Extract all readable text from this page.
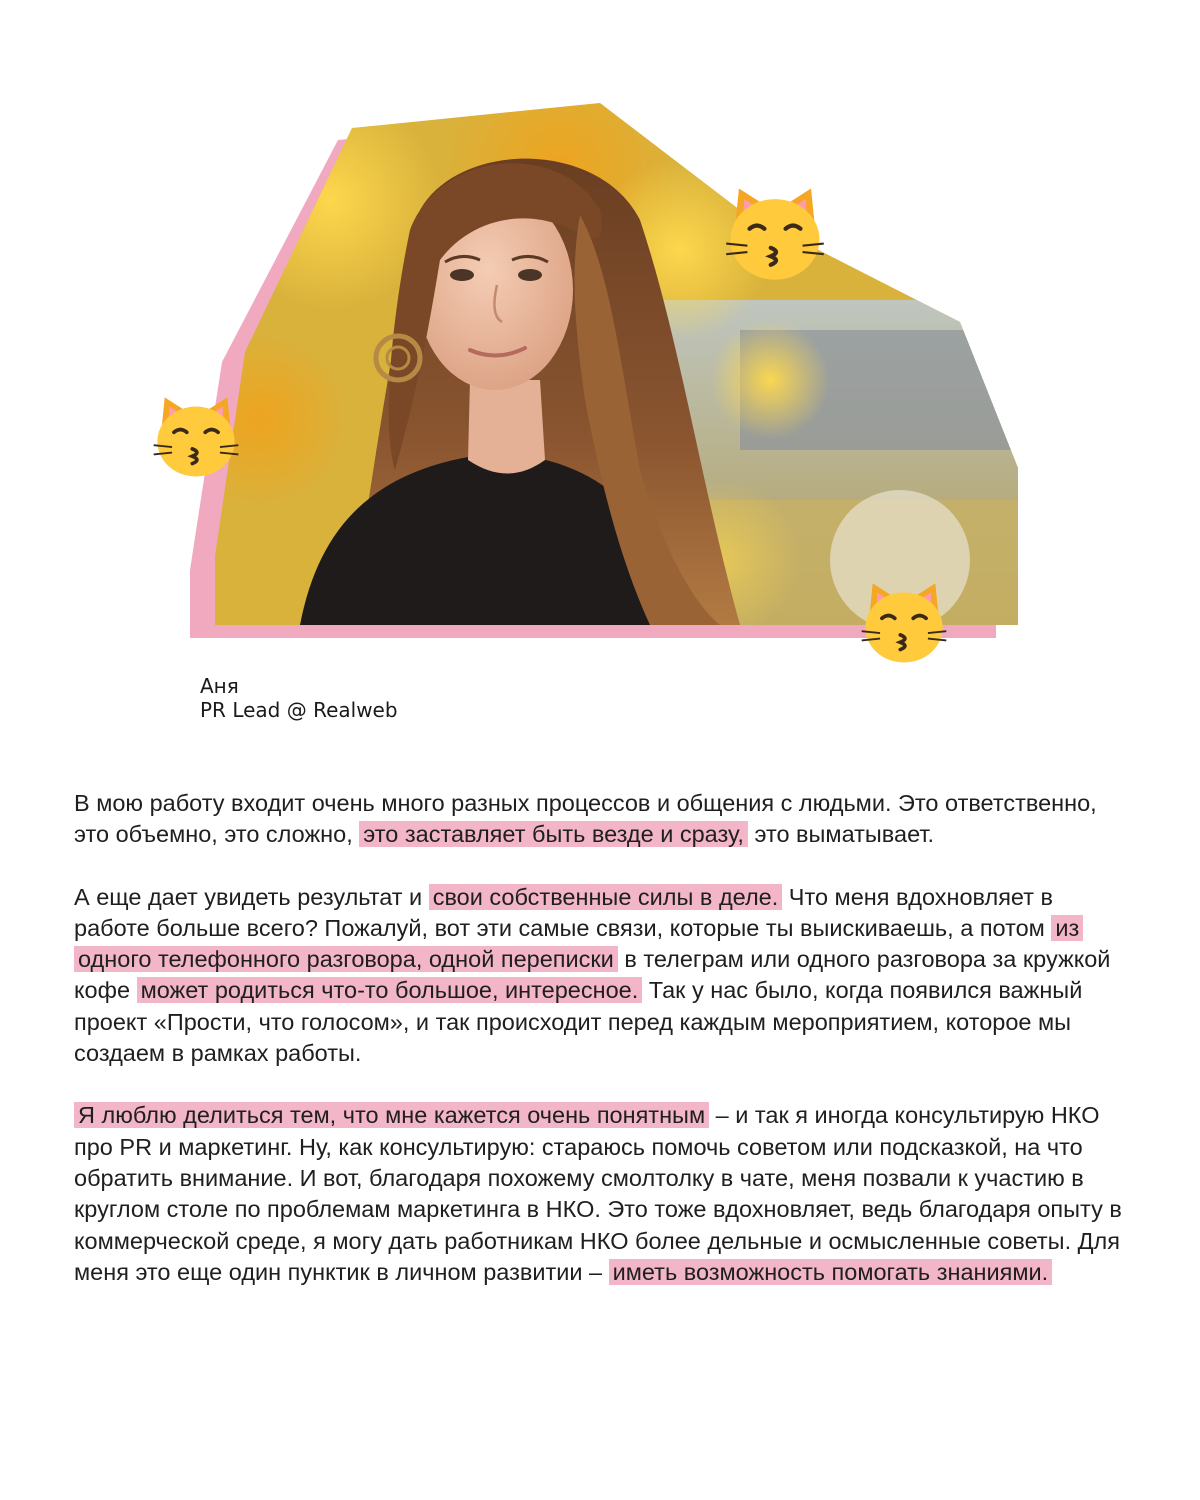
Аня
PR Lead @ Realweb

В мою работу входит очень много разных процессов и общения с людьми. Это ответственно, это объемно, это сложно, это заставляет быть везде и сразу, это выматывает.

А еще дает увидеть результат и свои собственные силы в деле. Что меня вдохновляет в работе больше всего? Пожалуй, вот эти самые связи, которые ты выискиваешь, а потом из одного телефонного разговора, одной переписки в телеграм или одного разговора за кружкой кофе может родиться что-то большое, интересное. Так у нас было, когда появился важный проект «Прости, что голосом», и так происходит перед каждым мероприятием, которое мы создаем в рамках работы.

Я люблю делиться тем, что мне кажется очень понятным – и так я иногда консультирую НКО про PR и маркетинг. Ну, как консультирую: стараюсь помочь советом или подсказкой, на что обратить внимание. И вот, благодаря похожему смолтолку в чате, меня позвали к участию в круглом столе по проблемам маркетинга в НКО. Это тоже вдохновляет, ведь благодаря опыту в коммерческой среде, я могу дать работникам НКО более дельные и осмысленные советы. Для меня это еще один пунктик в личном развитии – иметь возможность помогать знаниями.
